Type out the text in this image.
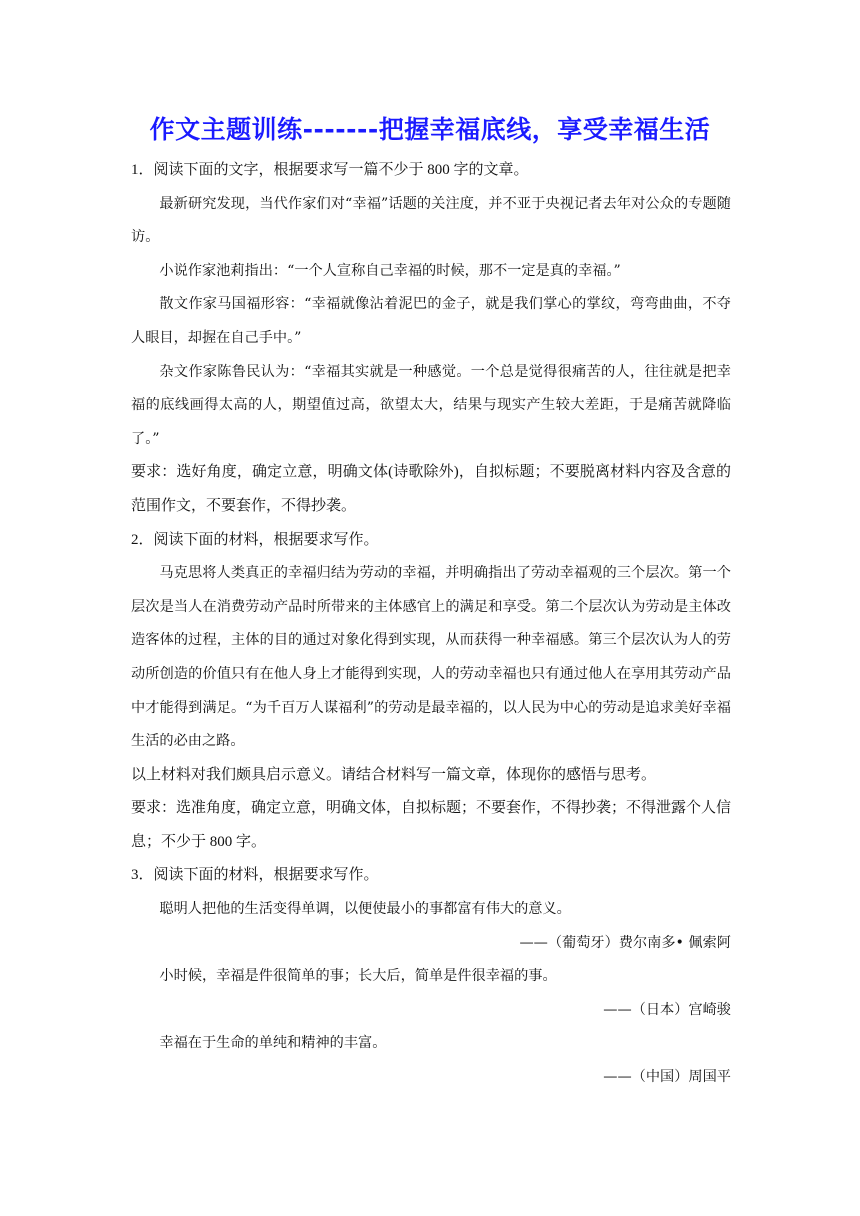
作文主题训练-------把握幸福底线，享受幸福生活

1．阅读下面的文字，根据要求写一篇不少于 800 字的文章。

最新研究发现，当代作家们对“幸福”话题的关注度，并不亚于央视记者去年对公众的专题随访。

小说作家池莉指出：“一个人宣称自己幸福的时候，那不一定是真的幸福。”

散文作家马国福形容：“幸福就像沾着泥巴的金子，就是我们掌心的掌纹，弯弯曲曲，不夺人眼目，却握在自己手中。”

杂文作家陈鲁民认为：“幸福其实就是一种感觉。一个总是觉得很痛苦的人，往往就是把幸福的底线画得太高的人，期望值过高，欲望太大，结果与现实产生较大差距，于是痛苦就降临了。”

要求：选好角度，确定立意，明确文体(诗歌除外)，自拟标题；不要脱离材料内容及含意的范围作文，不要套作，不得抄袭。

2．阅读下面的材料，根据要求写作。

马克思将人类真正的幸福归结为劳动的幸福，并明确指出了劳动幸福观的三个层次。第一个层次是当人在消费劳动产品时所带来的主体感官上的满足和享受。第二个层次认为劳动是主体改造客体的过程，主体的目的通过对象化得到实现，从而获得一种幸福感。第三个层次认为人的劳动所创造的价值只有在他人身上才能得到实现，人的劳动幸福也只有通过他人在享用其劳动产品中才能得到满足。“为千百万人谋福利”的劳动是最幸福的，以人民为中心的劳动是追求美好幸福生活的必由之路。

以上材料对我们颇具启示意义。请结合材料写一篇文章，体现你的感悟与思考。

要求：选准角度，确定立意，明确文体，自拟标题；不要套作，不得抄袭；不得泄露个人信息；不少于 800 字。

3．阅读下面的材料，根据要求写作。

聪明人把他的生活变得单调，以便使最小的事都富有伟大的意义。

——（葡萄牙）费尔南多• 佩索阿

小时候，幸福是件很简单的事；长大后，简单是件很幸福的事。

——（日本）宫崎骏

幸福在于生命的单纯和精神的丰富。

——（中国）周国平
